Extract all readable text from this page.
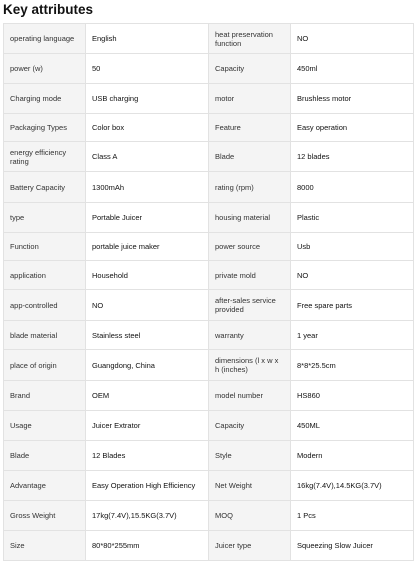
Key attributes
operating language	English	heat preservation function	NO
power (w)	50	Capacity	450ml
Charging mode	USB charging	motor	Brushless motor
Packaging Types	Color box	Feature	Easy operation
energy efficiency rating	Class A	Blade	12 blades
Battery Capacity	1300mAh	rating (rpm)	8000
type	Portable Juicer	housing material	Plastic
Function	portable juice maker	power source	Usb
application	Household	private mold	NO
app-controlled	NO	after-sales service provided	Free spare parts
blade material	Stainless steel	warranty	1 year
place of origin	Guangdong, China	dimensions (l x w x h (inches)	8*8*25.5cm
Brand	OEM	model number	HS860
Usage	Juicer Extrator	Capacity	450ML
Blade	12 Blades	Style	Modern
Advantage	Easy Operation High Efficiency	Net Weight	16kg(7.4V),14.5KG(3.7V)
Gross Weight	17kg(7.4V),15.5KG(3.7V)	MOQ	1 Pcs
Size	80*80*255mm	Juicer type	Squeezing Slow Juicer
